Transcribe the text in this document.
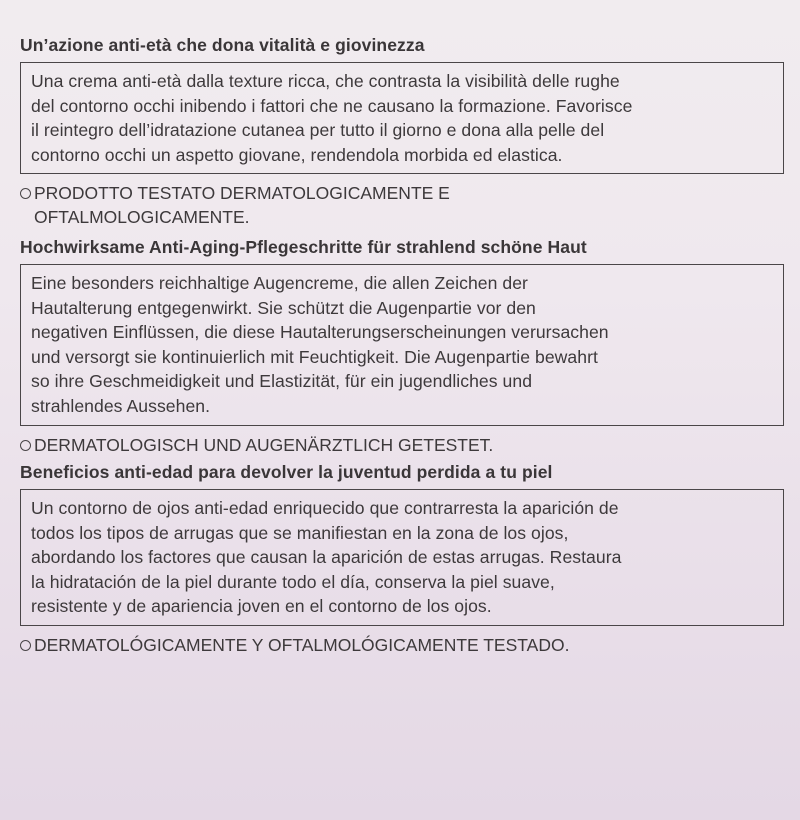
Un’azione anti-età che dona vitalità e giovinezza
Una crema anti-età dalla texture ricca, che contrasta la visibilità delle rughe
del contorno occhi inibendo i fattori che ne causano la formazione. Favorisce
il reintegro dell’idratazione cutanea per tutto il giorno e dona alla pelle del
contorno occhi un aspetto giovane, rendendola morbida ed elastica.
PRODOTTO TESTATO DERMATOLOGICAMENTE E
OFTALMOLOGICAMENTE.
Hochwirksame Anti-Aging-Pflegeschritte für strahlend schöne Haut
Eine besonders reichhaltige Augencreme, die allen Zeichen der
Hautalterung entgegenwirkt. Sie schützt die Augenpartie vor den
negativen Einflüssen, die diese Hautalterungserscheinungen verursachen
und versorgt sie kontinuierlich mit Feuchtigkeit. Die Augenpartie bewahrt
so ihre Geschmeidigkeit und Elastizität, für ein jugendliches und
strahlendes Aussehen.
DERMATOLOGISCH UND AUGENÄRZTLICH GETESTET.
Beneficios anti-edad para devolver la juventud perdida a tu piel
Un contorno de ojos anti-edad enriquecido que contrarresta la aparición de
todos los tipos de arrugas que se manifiestan en la zona de los ojos,
abordando los factores que causan la aparición de estas arrugas. Restaura
la hidratación de la piel durante todo el día, conserva la piel suave,
resistente y de apariencia joven en el contorno de los ojos.
DERMATOLÓGICAMENTE Y OFTALMOLÓGICAMENTE TESTADO.
